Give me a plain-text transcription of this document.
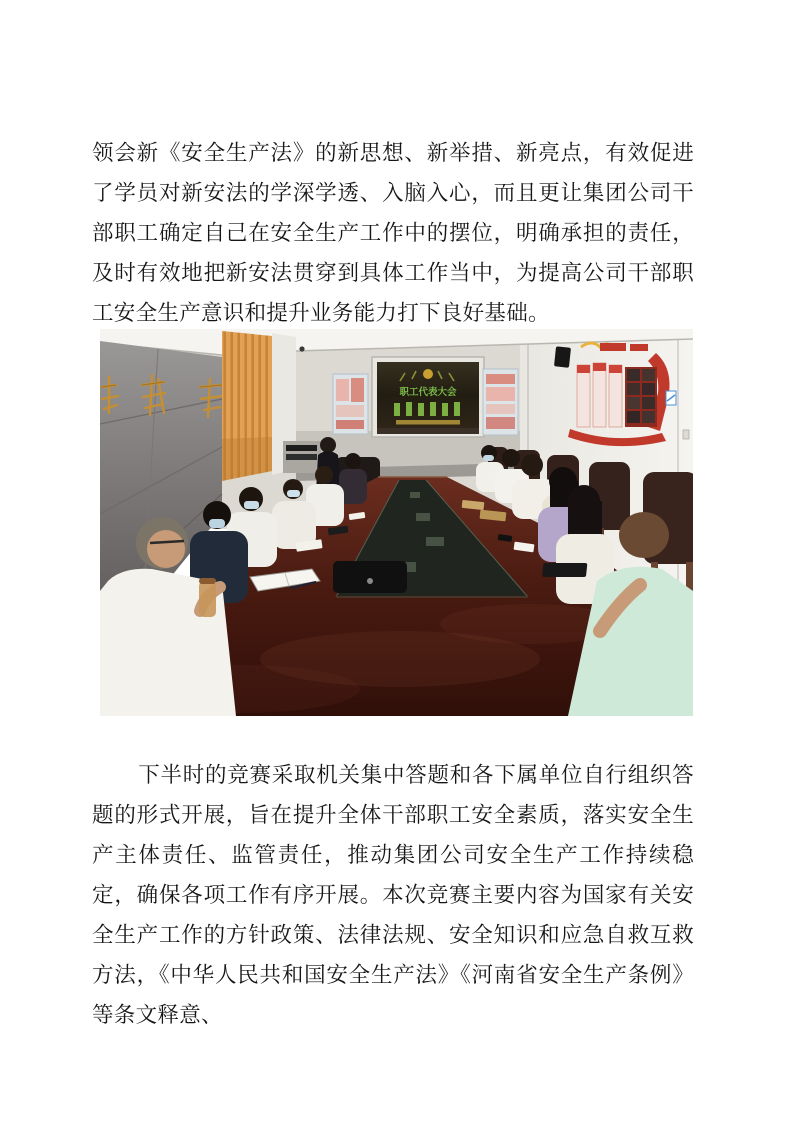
领会新《安全生产法》的新思想、新举措、新亮点，有效促进了学员对新安法的学深学透、入脑入心，而且更让集团公司干部职工确定自己在安全生产工作中的摆位，明确承担的责任，及时有效地把新安法贯穿到具体工作当中，为提高公司干部职工安全生产意识和提升业务能力打下良好基础。

职工代表大会

下半时的竞赛采取机关集中答题和各下属单位自行组织答题的形式开展，旨在提升全体干部职工安全素质，落实安全生产主体责任、监管责任，推动集团公司安全生产工作持续稳定，确保各项工作有序开展。本次竞赛主要内容为国家有关安全生产工作的方针政策、法律法规、安全知识和应急自救互救方法，《中华人民共和国安全生产法》《河南省安全生产条例》等条文释意、
